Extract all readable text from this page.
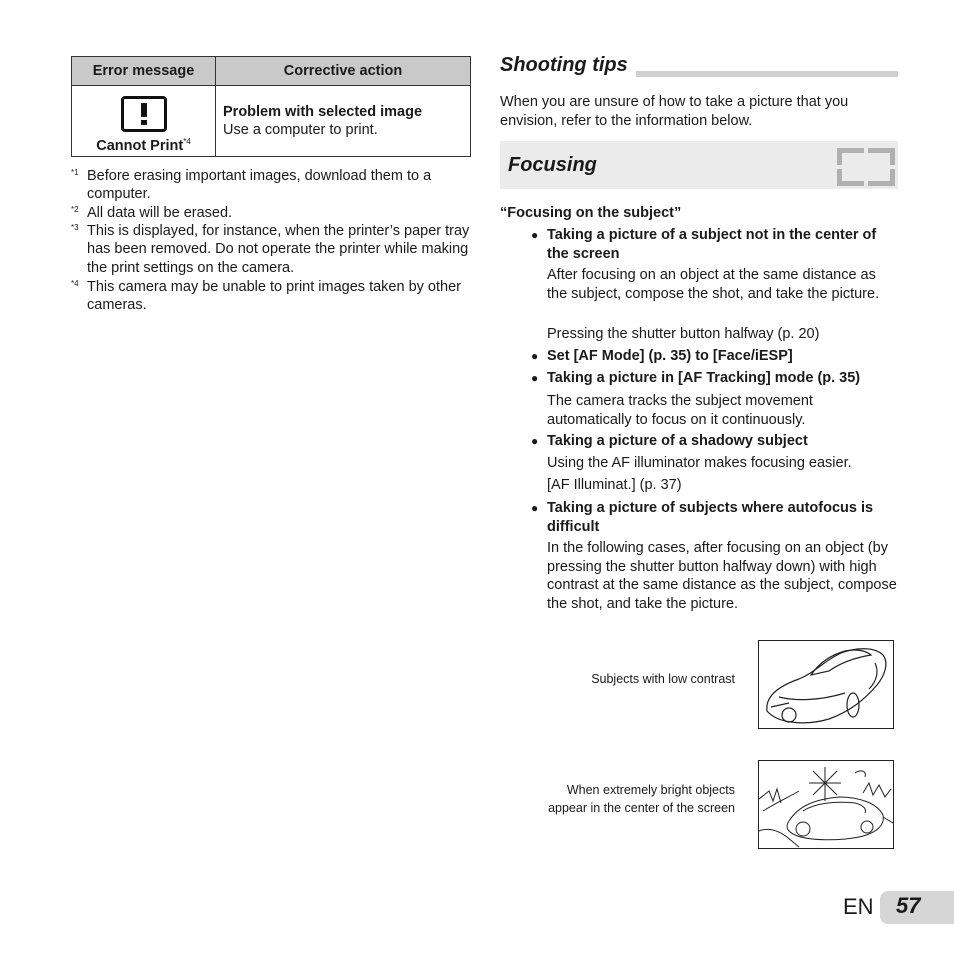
Error message	Corrective action

Cannot Print$^{*4}$	Problem with selected image
Use a computer to print.
*1 Before erasing important images, download them to a computer.
*2 All data will be erased.
*3 This is displayed, for instance, when the printer’s paper tray has been removed. Do not operate the printer while making the print settings on the camera.
*4 This camera may be unable to print images taken by other cameras.
Shooting tips
When you are unsure of how to take a picture that you envision, refer to the information below.
Focusing
“Focusing on the subject”
● Taking a picture of a subject not in the center of the screen
After focusing on an object at the same distance as the subject, compose the shot, and take the picture.
Pressing the shutter button halfway (p. 20)
● Set [AF Mode] (p. 35) to [Face/iESP]
● Taking a picture in [AF Tracking] mode (p. 35)
The camera tracks the subject movement automatically to focus on it continuously.
● Taking a picture of a shadowy subject
Using the AF illuminator makes focusing easier.
[AF Illuminat.] (p. 37)
● Taking a picture of subjects where autofocus is difficult
In the following cases, after focusing on an object (by pressing the shutter button halfway down) with high contrast at the same distance as the subject, compose the shot, and take the picture.
Subjects with low contrast
When extremely bright objects
appear in the center of the screen
EN 57
